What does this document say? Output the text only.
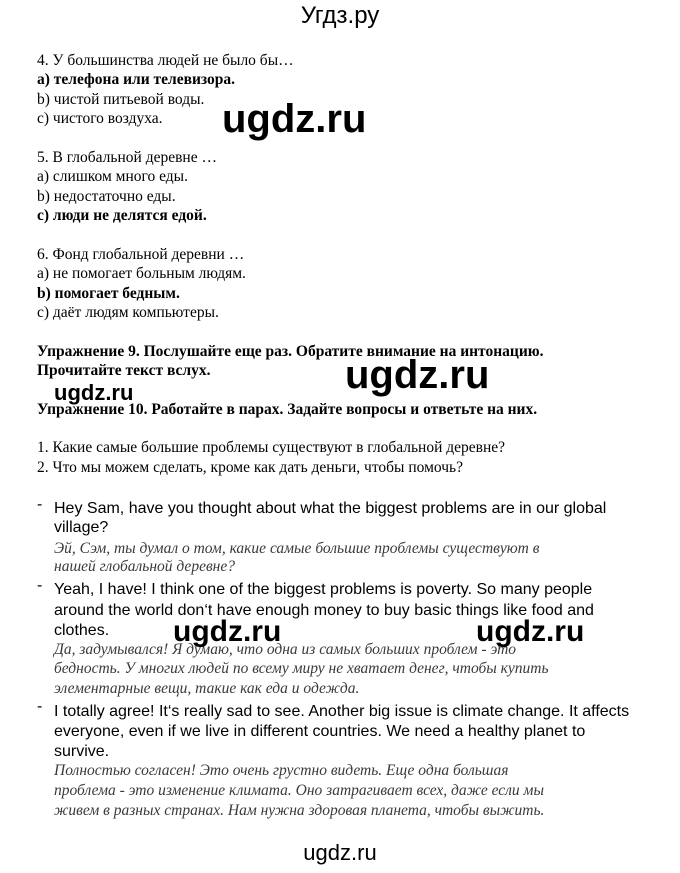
Угдз.ру
4. У большинства людей не было бы…
a) телефона или телевизора.
b) чистой питьевой воды.
c) чистого воздуха.
5. В глобальной деревне …
а) слишком много еды.
b) недостаточно еды.
c) люди не делятся едой.
6. Фонд глобальной деревни …
а) не помогает больным людям.
b) помогает бедным.
c) даёт людям компьютеры.
Упражнение 9. Послушайте еще раз. Обратите внимание на интонацию.
Прочитайте текст вслух.
Упражнение 10. Работайте в парах. Задайте вопросы и ответьте на них.
1. Какие самые большие проблемы существуют в глобальной деревне?
2. Что мы можем сделать, кроме как дать деньги, чтобы помочь?
- Hey Sam, have you thought about what the biggest problems are in our global
village?
Эй, Сэм, ты думал о том, какие самые большие проблемы существуют в
нашей глобальной деревне?
- Yeah, I have! I think one of the biggest problems is poverty. So many people
around the world don‘t have enough money to buy basic things like food and
clothes.
Да, задумывался! Я думаю, что одна из самых больших проблем - это
бедность. У многих людей по всему миру не хватает денег, чтобы купить
элементарные вещи, такие как еда и одежда.
- I totally agree! It‘s really sad to see. Another big issue is climate change. It affects
everyone, even if we live in different countries. We need a healthy planet to
survive.
Полностью согласен! Это очень грустно видеть. Еще одна большая
проблема - это изменение климата. Оно затрагивает всех, даже если мы
живем в разных странах. Нам нужна здоровая планета, чтобы выжить.
ugdz.ru
ugdz.ru
ugdz.ru
ugdz.ru	ugdz.ru
ugdz.ru
